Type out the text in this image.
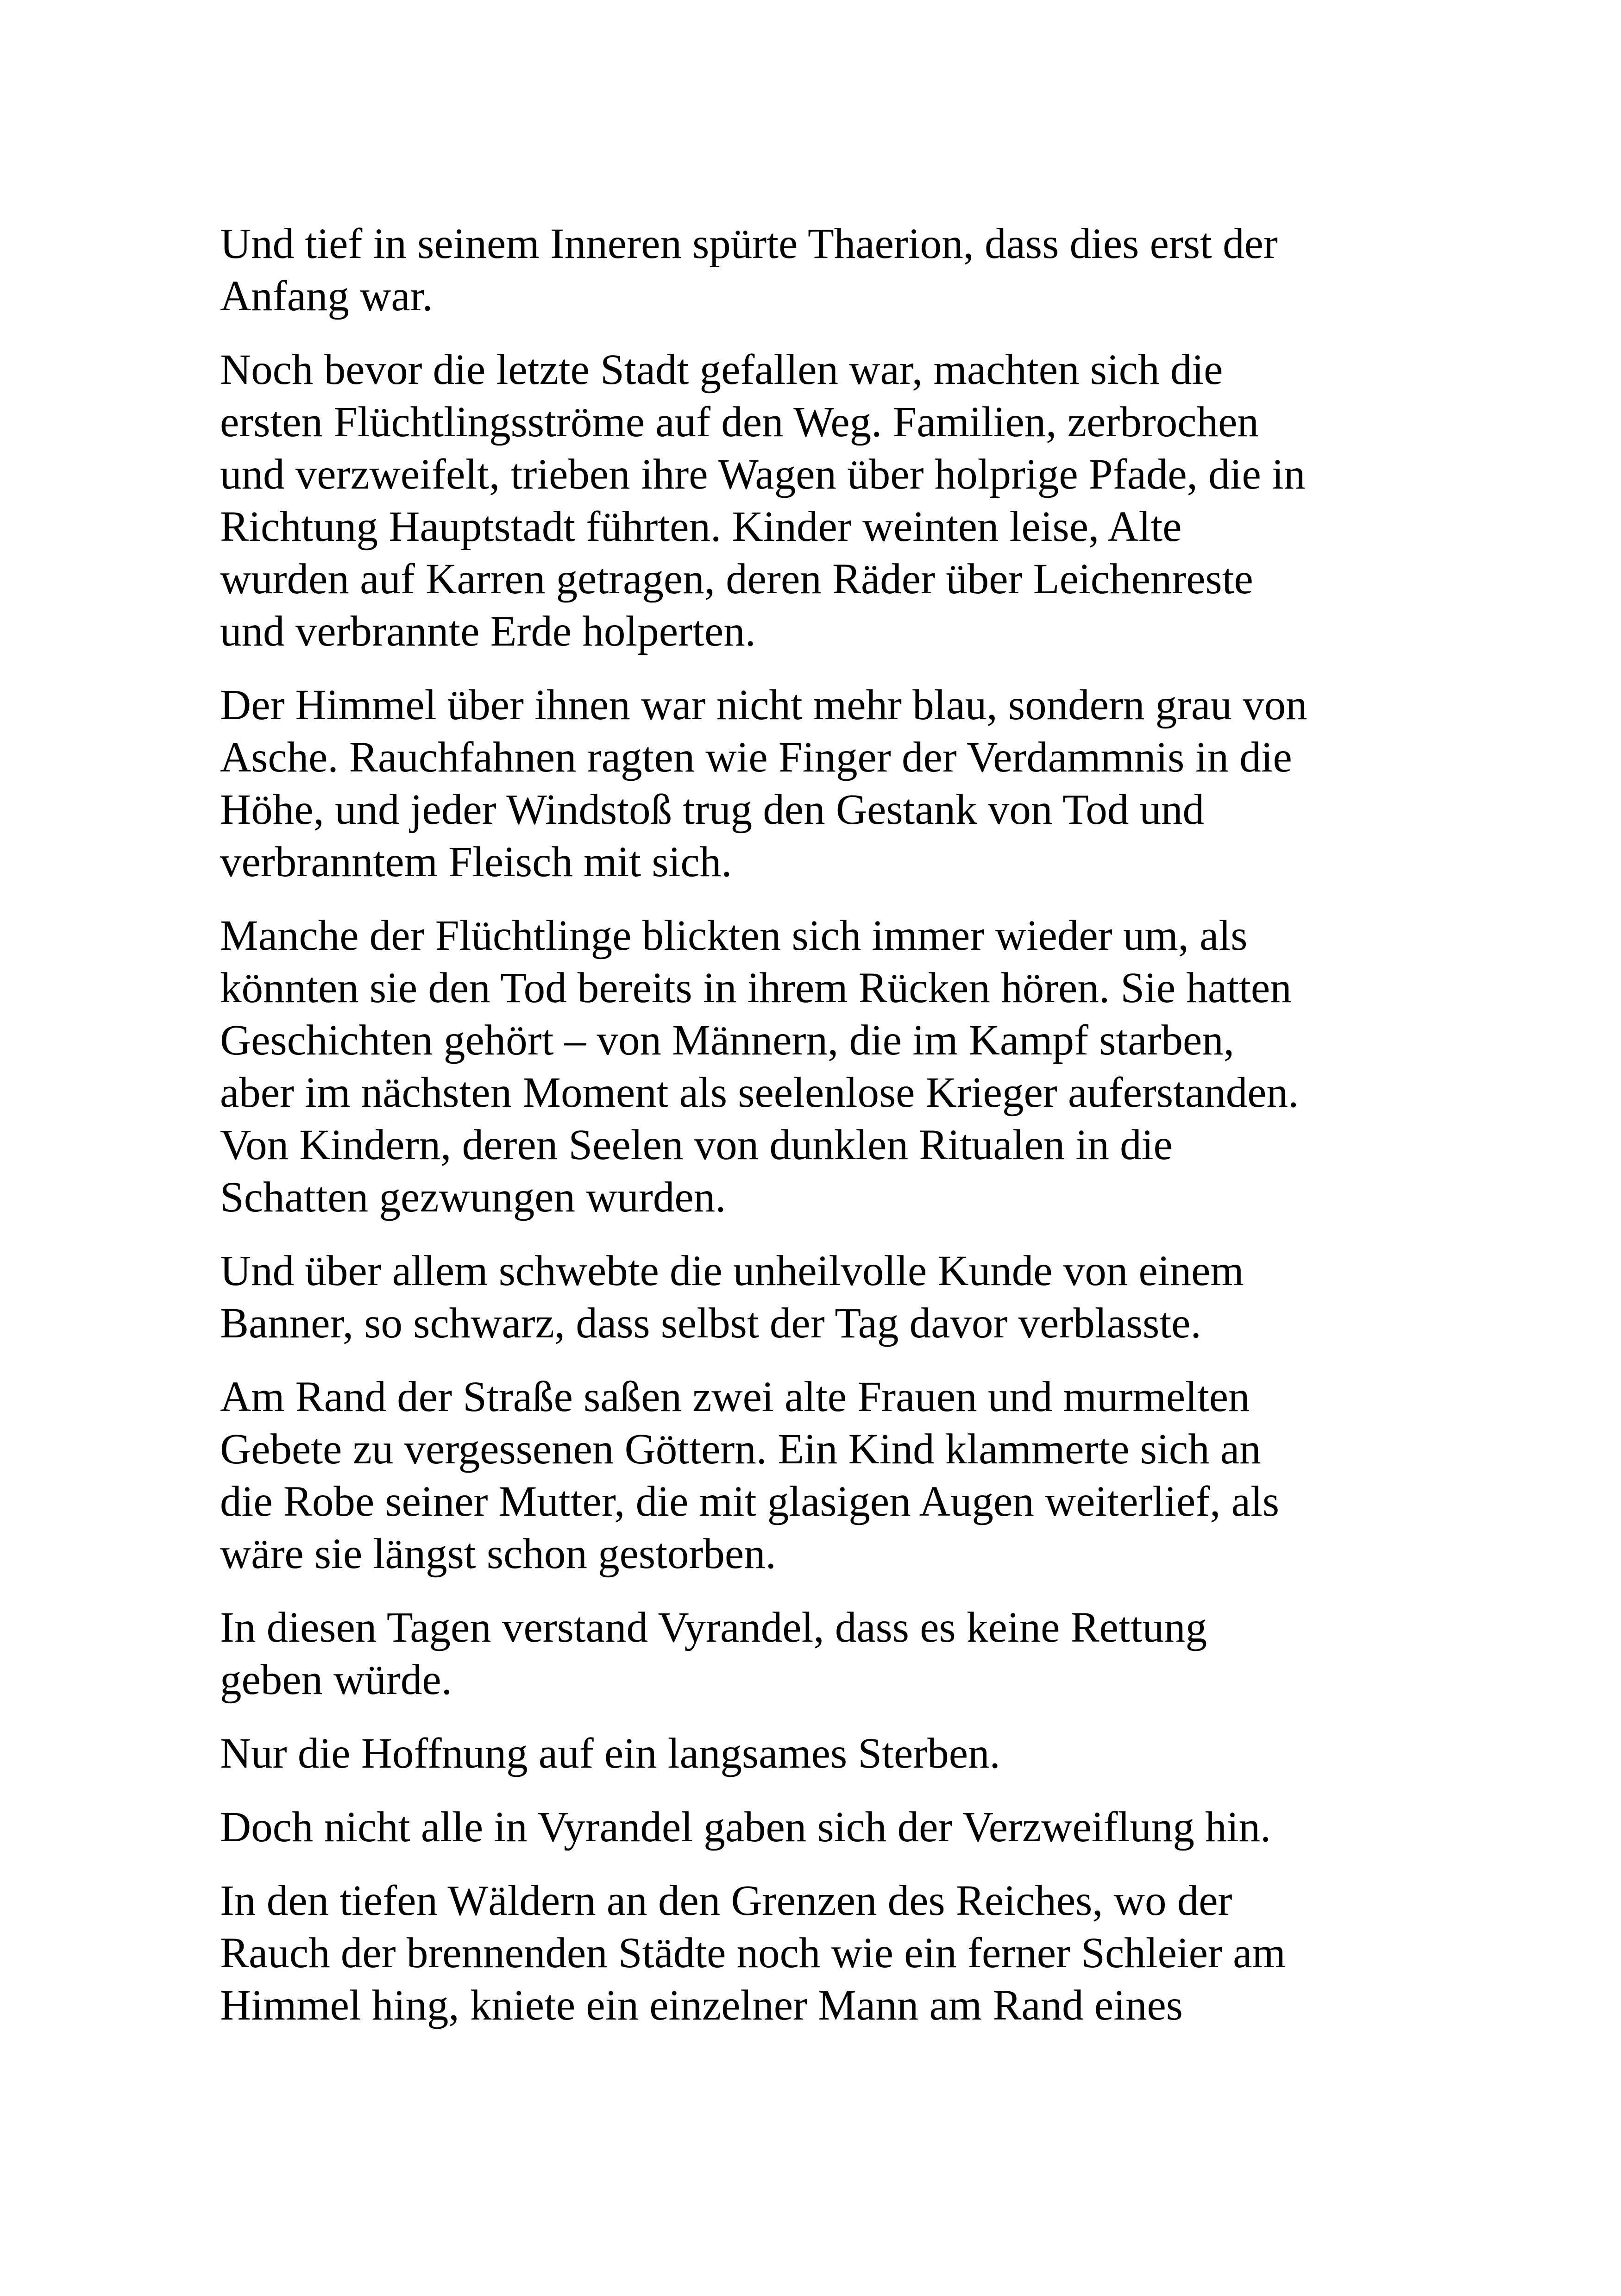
Und tief in seinem Inneren spürte Thaerion, dass dies erst der
Anfang war.

Noch bevor die letzte Stadt gefallen war, machten sich die
ersten Flüchtlingsströme auf den Weg. Familien, zerbrochen
und verzweifelt, trieben ihre Wagen über holprige Pfade, die in
Richtung Hauptstadt führten. Kinder weinten leise, Alte
wurden auf Karren getragen, deren Räder über Leichenreste
und verbrannte Erde holperten.

Der Himmel über ihnen war nicht mehr blau, sondern grau von
Asche. Rauchfahnen ragten wie Finger der Verdammnis in die
Höhe, und jeder Windstoß trug den Gestank von Tod und
verbranntem Fleisch mit sich.

Manche der Flüchtlinge blickten sich immer wieder um, als
könnten sie den Tod bereits in ihrem Rücken hören. Sie hatten
Geschichten gehört – von Männern, die im Kampf starben,
aber im nächsten Moment als seelenlose Krieger auferstanden.
Von Kindern, deren Seelen von dunklen Ritualen in die
Schatten gezwungen wurden.

Und über allem schwebte die unheilvolle Kunde von einem
Banner, so schwarz, dass selbst der Tag davor verblasste.

Am Rand der Straße saßen zwei alte Frauen und murmelten
Gebete zu vergessenen Göttern. Ein Kind klammerte sich an
die Robe seiner Mutter, die mit glasigen Augen weiterlief, als
wäre sie längst schon gestorben.

In diesen Tagen verstand Vyrandel, dass es keine Rettung
geben würde.

Nur die Hoffnung auf ein langsames Sterben.

Doch nicht alle in Vyrandel gaben sich der Verzweiflung hin.

In den tiefen Wäldern an den Grenzen des Reiches, wo der
Rauch der brennenden Städte noch wie ein ferner Schleier am
Himmel hing, kniete ein einzelner Mann am Rand eines
